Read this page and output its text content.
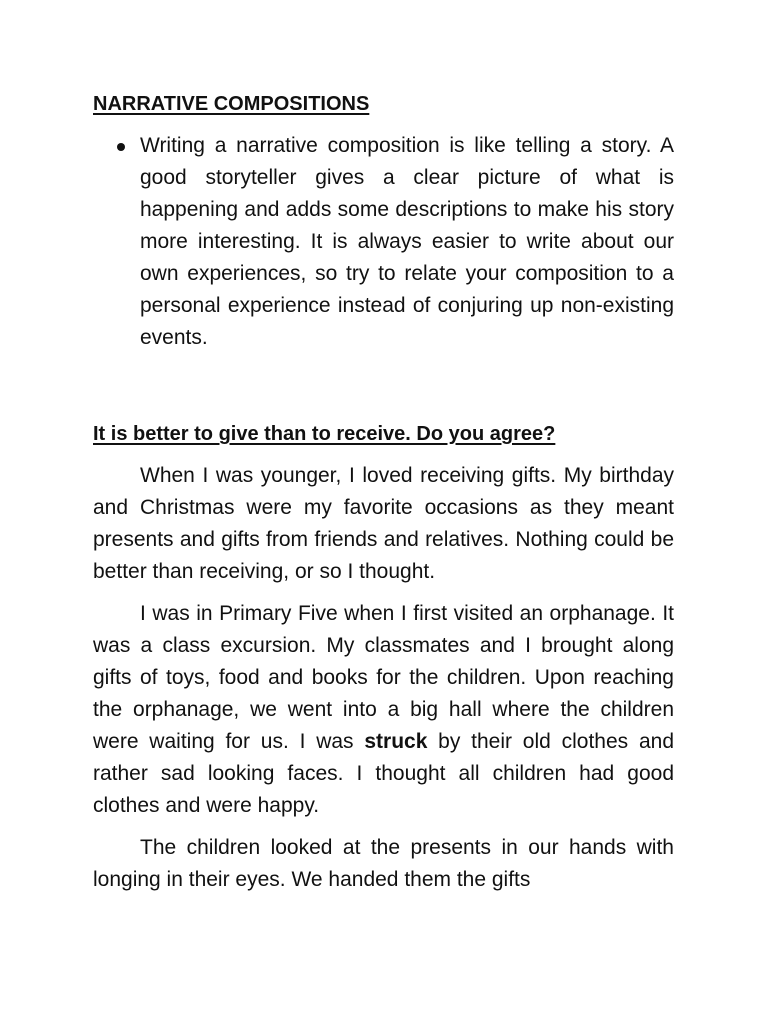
NARRATIVE COMPOSITIONS
Writing a narrative composition is like telling a story. A good storyteller gives a clear picture of what is happening and adds some descriptions to make his story more interesting. It is always easier to write about our own experiences, so try to relate your composition to a personal experience instead of conjuring up non-existing events.
It is better to give than to receive. Do you agree?

When I was younger, I loved receiving gifts. My birthday and Christmas were my favorite occasions as they meant presents and gifts from friends and relatives. Nothing could be better than receiving, or so I thought.

I was in Primary Five when I first visited an orphanage. It was a class excursion. My classmates and I brought along gifts of toys, food and books for the children. Upon reaching the orphanage, we went into a big hall where the children were waiting for us. I was struck by their old clothes and rather sad looking faces. I thought all children had good clothes and were happy.

The children looked at the presents in our hands with longing in their eyes. We handed them the gifts
